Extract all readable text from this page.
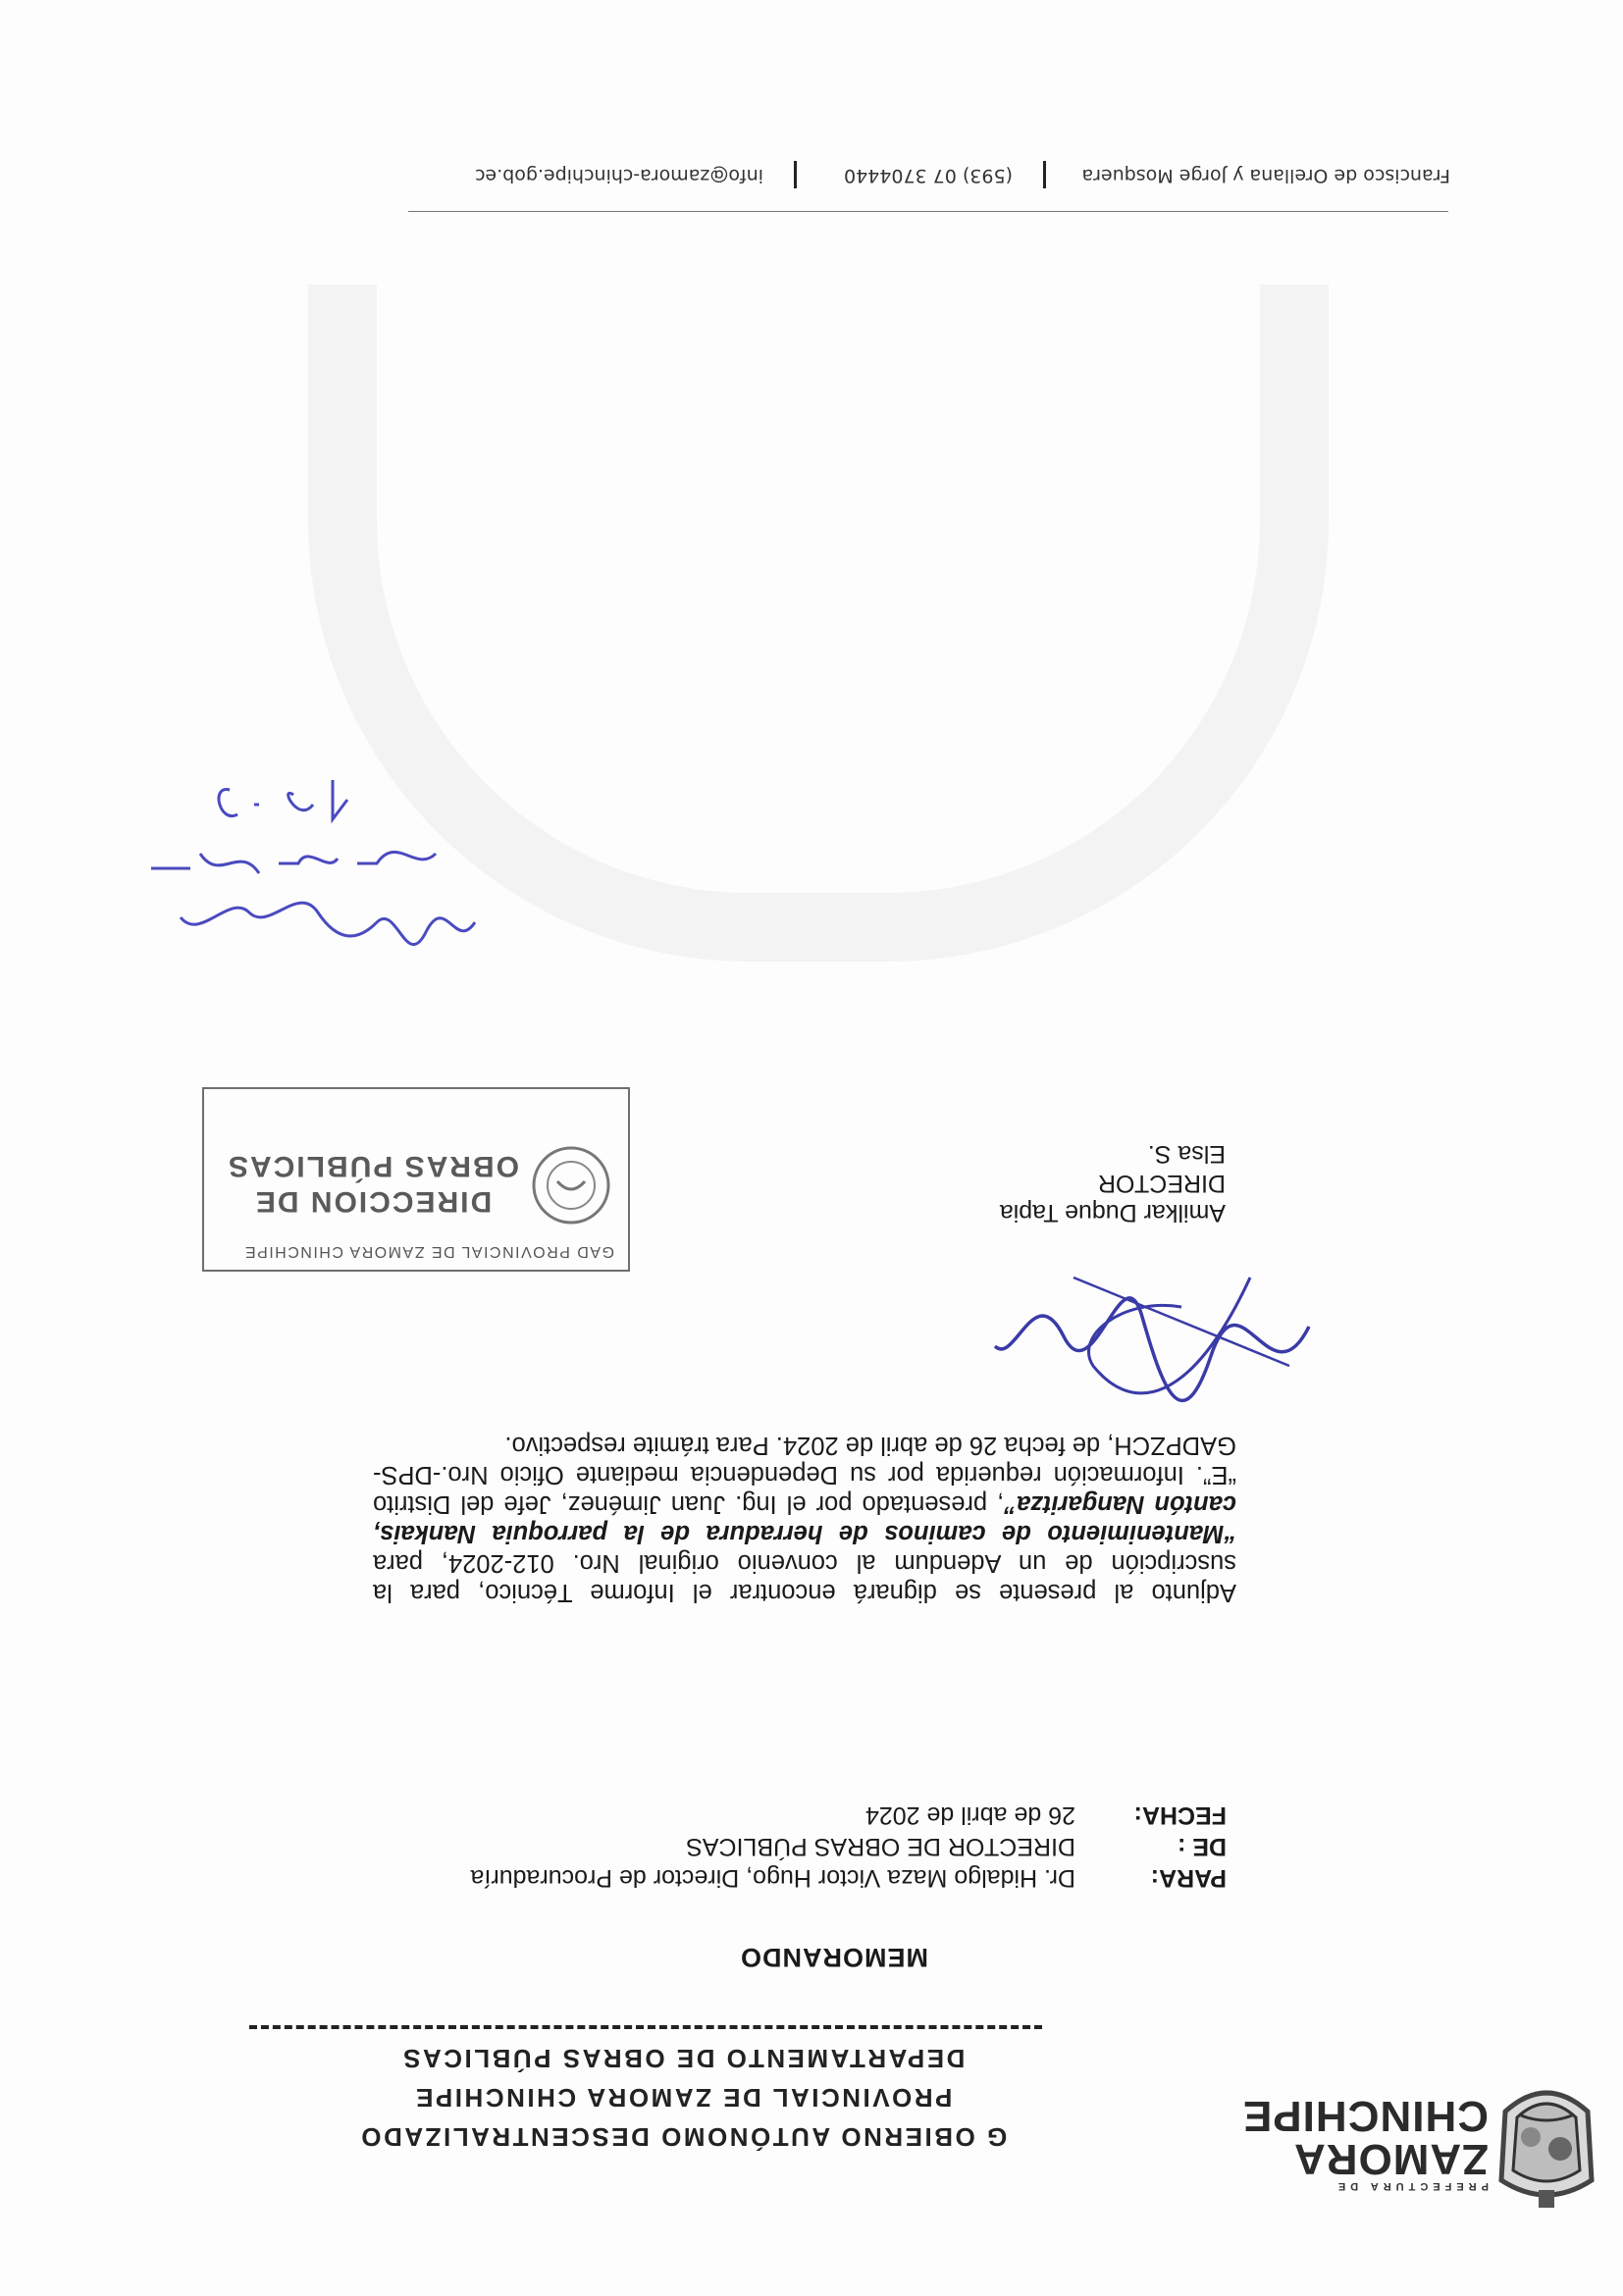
PREFECTURA DE
ZAMORA
CHINCHIPE
G OBIERNO AUTÓNOMO DESCENTRALIZADO
PROVINCIAL DE ZAMORA CHINCHIPE
DEPARTAMENTO DE OBRAS PÚBLICAS
MEMORANDO
PARA:
Dr. Hidalgo Maza Victor Hugo, Director de Procuraduría
DE :
DIRECTOR DE OBRAS PÚBLICAS
FECHA:
26 de abril de 2024
Adjunto al presente se dignará encontrar el Informe Técnico, para la suscripción de un Adendum al convenio original Nro. 012-2024, para “Mantenimiento de caminos de herradura de la parroquia Nankais, cantón Nangaritza”, presentado por el Ing. Juan Jiménez, Jefe del Distrito “E”. Información requerida por su Dependencia mediante Oficio Nro.-DPS-GADPZCH, de fecha 26 de abril de 2024. Para trámite respectivo.
Amilkar Duque Tapia
DIRECTOR
Elsa S.
GAD PROVINCIAL DE ZAMORA CHINCHIPE
DIRECCION DE
OBRAS PÚBLICAS
Francisco de Orellana y Jorge Mosquera
(593) 07 3704440
info@zamora-chinchipe.gob.ec
